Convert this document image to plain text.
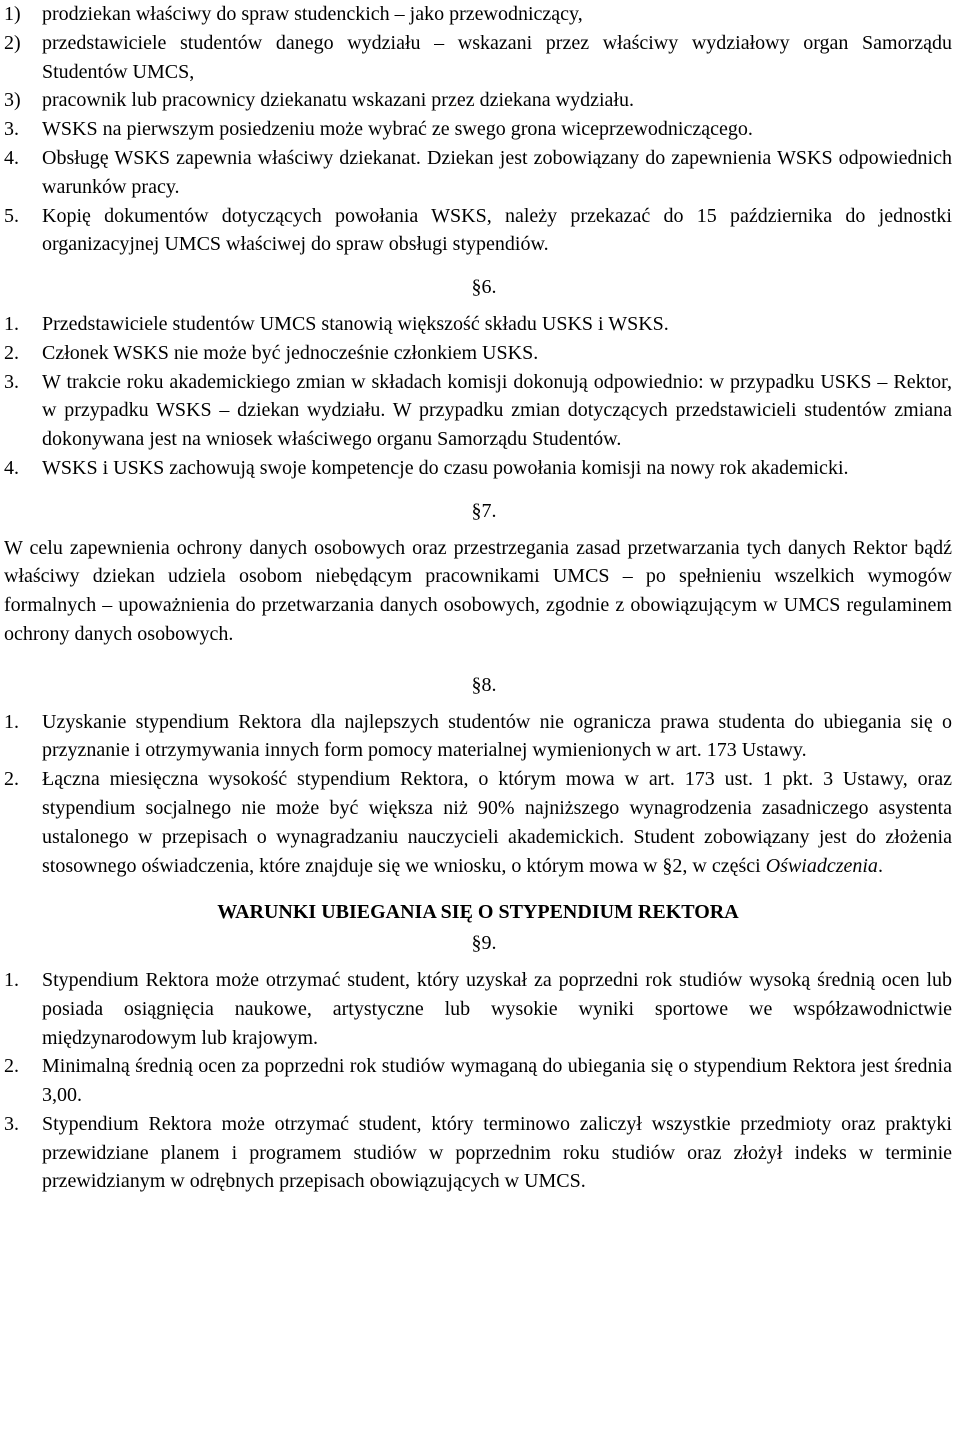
1) prodziekan właściwy do spraw studenckich – jako przewodniczący,

2) przedstawiciele studentów danego wydziału – wskazani przez właściwy wydziałowy organ Samorządu Studentów UMCS,

3) pracownik lub pracownicy dziekanatu wskazani przez dziekana wydziału.

3. WSKS na pierwszym posiedzeniu może wybrać ze swego grona wiceprzewodniczącego.

4. Obsługę WSKS zapewnia właściwy dziekanat. Dziekan jest zobowiązany do zapewnienia WSKS odpowiednich warunków pracy.

5. Kopię dokumentów dotyczących powołania WSKS, należy przekazać do 15 października do jednostki organizacyjnej UMCS właściwej do spraw obsługi stypendiów.

§6.

1. Przedstawiciele studentów UMCS stanowią większość składu USKS i WSKS.

2. Członek WSKS nie może być jednocześnie członkiem USKS.

3. W trakcie roku akademickiego zmian w składach komisji dokonują odpowiednio: w przypadku USKS – Rektor, w przypadku WSKS – dziekan wydziału. W przypadku zmian dotyczących przedstawicieli studentów zmiana dokonywana jest na wniosek właściwego organu Samorządu Studentów.

4. WSKS i USKS zachowują swoje kompetencje do czasu powołania komisji na nowy rok akademicki.

§7.

W celu zapewnienia ochrony danych osobowych oraz przestrzegania zasad przetwarzania tych danych Rektor bądź właściwy dziekan udziela osobom niebędącym pracownikami UMCS – po spełnieniu wszelkich wymogów formalnych – upoważnienia do przetwarzania danych osobowych, zgodnie z obowiązującym w UMCS regulaminem ochrony danych osobowych.

§8.

1. Uzyskanie stypendium Rektora dla najlepszych studentów nie ogranicza prawa studenta do ubiegania się o przyznanie i otrzymywania innych form pomocy materialnej wymienionych w art. 173 Ustawy.

2. Łączna miesięczna wysokość stypendium Rektora, o którym mowa w art. 173 ust. 1 pkt. 3 Ustawy, oraz stypendium socjalnego nie może być większa niż 90% najniższego wynagrodzenia zasadniczego asystenta ustalonego w przepisach o wynagradzaniu nauczycieli akademickich. Student zobowiązany jest do złożenia stosownego oświadczenia, które znajduje się we wniosku, o którym mowa w §2, w części Oświadczenia.

WARUNKI UBIEGANIA SIĘ O STYPENDIUM REKTORA

§9.

1. Stypendium Rektora może otrzymać student, który uzyskał za poprzedni rok studiów wysoką średnią ocen lub posiada osiągnięcia naukowe, artystyczne lub wysokie wyniki sportowe we współzawodnictwie międzynarodowym lub krajowym.

2. Minimalną średnią ocen za poprzedni rok studiów wymaganą do ubiegania się o stypendium Rektora jest średnia 3,00.

3. Stypendium Rektora może otrzymać student, który terminowo zaliczył wszystkie przedmioty oraz praktyki przewidziane planem i programem studiów w poprzednim roku studiów oraz złożył indeks w terminie przewidzianym w odrębnych przepisach obowiązujących w UMCS.
